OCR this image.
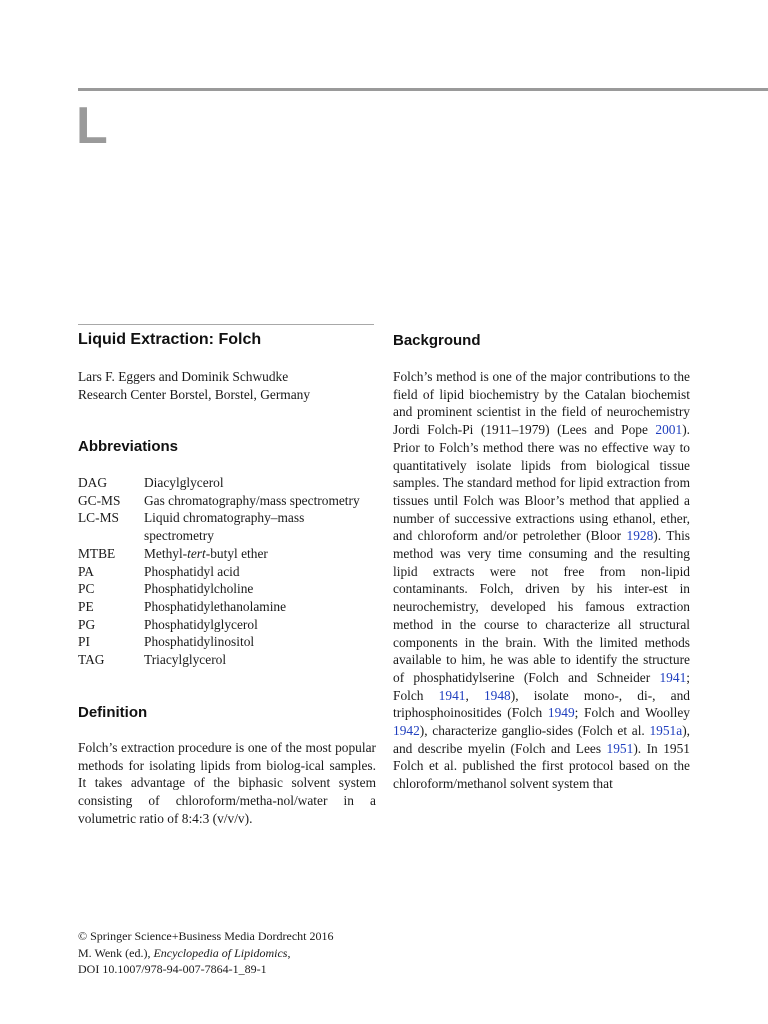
L
Liquid Extraction: Folch

Lars F. Eggers and Dominik Schwudke

Research Center Borstel, Borstel, Germany

Abbreviations
DAG	Diacylglycerol
GC-MS	Gas chromatography/mass spectrometry
LC-MS	Liquid chromatography–mass spectrometry
MTBE	Methyl-tert-butyl ether
PA	Phosphatidyl acid
PC	Phosphatidylcholine
PE	Phosphatidylethanolamine
PG	Phosphatidylglycerol
PI	Phosphatidylinositol
TAG	Triacylglycerol
Definition

Folch’s extraction procedure is one of the most popular methods for isolating lipids from biolog-ical samples. It takes advantage of the biphasic solvent system consisting of chloroform/metha-nol/water in a volumetric ratio of 8:4:3 (v/v/v).

Background

Folch’s method is one of the major contributions to the field of lipid biochemistry by the Catalan biochemist and prominent scientist in the field of neurochemistry Jordi Folch-Pi (1911–1979) (Lees and Pope 2001). Prior to Folch’s method there was no effective way to quantitatively isolate lipids from biological tissue samples. The standard method for lipid extraction from tissues until Folch was Bloor’s method that applied a number of successive extractions using ethanol, ether, and chloroform and/or petrolether (Bloor 1928). This method was very time consuming and the resulting lipid extracts were not free from non-lipid contaminants. Folch, driven by his inter-est in neurochemistry, developed his famous extraction method in the course to characterize all structural components in the brain. With the limited methods available to him, he was able to identify the structure of phosphatidylserine (Folch and Schneider 1941; Folch 1941, 1948), isolate mono-, di-, and triphosphoinositides (Folch 1949; Folch and Woolley 1942), characterize ganglio-sides (Folch et al. 1951a), and describe myelin (Folch and Lees 1951). In 1951 Folch et al. published the first protocol based on the chloroform/methanol solvent system that

© Springer Science+Business Media Dordrecht 2016
M. Wenk (ed.), Encyclopedia of Lipidomics,
DOI 10.1007/978-94-007-7864-1_89-1
